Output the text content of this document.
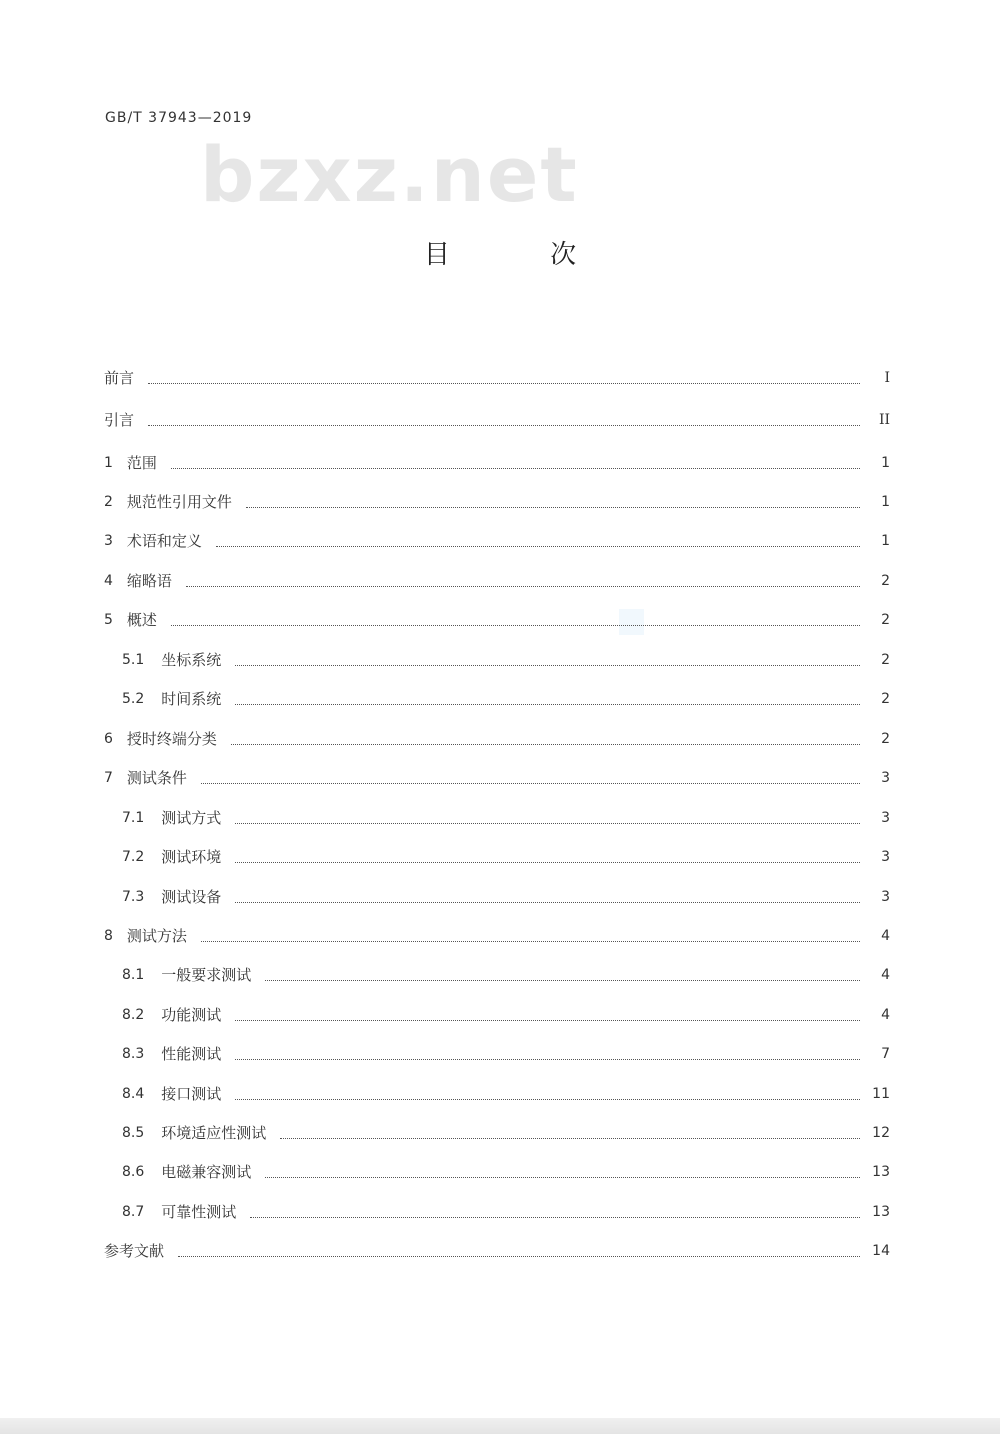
GB/T 37943—2019
bzxz.net
目 次
前言	I
引言	II
1 范围	1
2 规范性引用文件	1
3 术语和定义	1
4 缩略语	2
5 概述	2
5.1 坐标系统	2
5.2 时间系统	2
6 授时终端分类	2
7 测试条件	3
7.1 测试方式	3
7.2 测试环境	3
7.3 测试设备	3
8 测试方法	4
8.1 一般要求测试	4
8.2 功能测试	4
8.3 性能测试	7
8.4 接口测试	11
8.5 环境适应性测试	12
8.6 电磁兼容测试	13
8.7 可靠性测试	13
参考文献	14
